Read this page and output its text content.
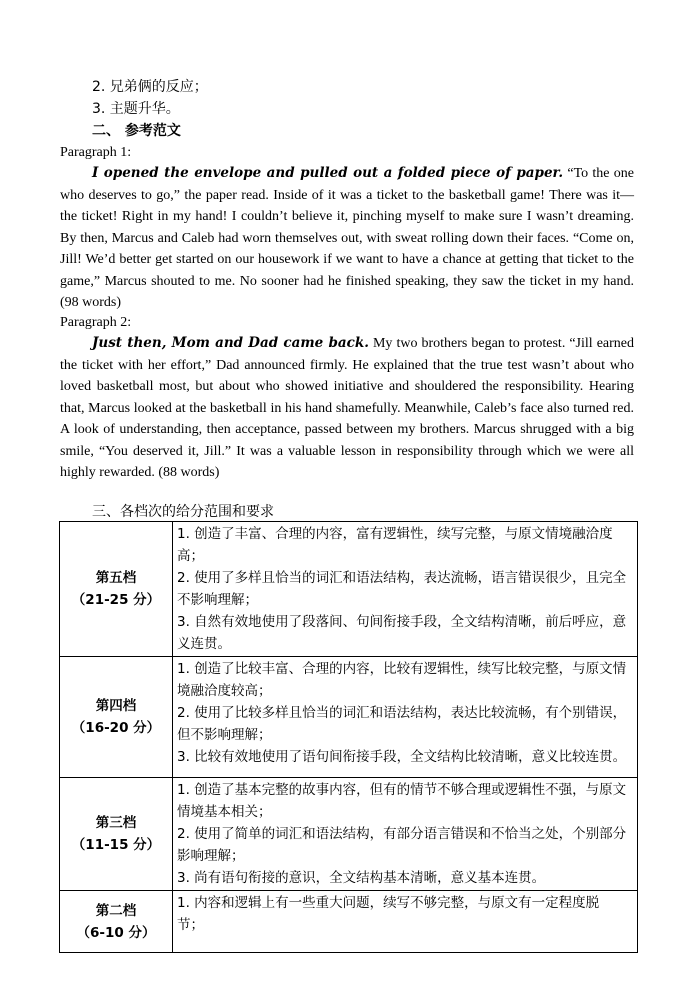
2. 兄弟俩的反应；
3. 主题升华。
二、 参考范文
Paragraph 1:
I opened the envelope and pulled out a folded piece of paper. “To the one who deserves to go,” the paper read. Inside of it was a ticket to the basketball game! There was it—the ticket! Right in my hand! I couldn’t believe it, pinching myself to make sure I wasn’t dreaming. By then, Marcus and Caleb had worn themselves out, with sweat rolling down their faces. “Come on, Jill! We’d better get started on our housework if we want to have a chance at getting that ticket to the game,” Marcus shouted to me. No sooner had he finished speaking, they saw the ticket in my hand. (98 words)
Paragraph 2:
Just then, Mom and Dad came back. My two brothers began to protest. “Jill earned the ticket with her effort,” Dad announced firmly. He explained that the true test wasn’t about who loved basketball most, but about who showed initiative and shouldered the responsibility. Hearing that, Marcus looked at the basketball in his hand shamefully. Meanwhile, Caleb’s face also turned red. A look of understanding, then acceptance, passed between my brothers. Marcus shrugged with a big smile, “You deserved it, Jill.” It was a valuable lesson in responsibility through which we were all highly rewarded. (88 words)
三、各档次的给分范围和要求
第五档
（21-25 分）	1. 创造了丰富、合理的内容，富有逻辑性，续写完整，与原文情境融洽度高；
2. 使用了多样且恰当的词汇和语法结构，表达流畅，语言错误很少，且完全不影响理解；
3. 自然有效地使用了段落间、句间衔接手段，全文结构清晰，前后呼应，意义连贯。

第四档
（16-20 分）	1. 创造了比较丰富、合理的内容，比较有逻辑性，续写比较完整，与原文情境融洽度较高；
2. 使用了比较多样且恰当的词汇和语法结构，表达比较流畅，有个别错误，但不影响理解；
3. 比较有效地使用了语句间衔接手段，全文结构比较清晰，意义比较连贯。

第三档
（11-15 分）	1. 创造了基本完整的故事内容，但有的情节不够合理或逻辑性不强，与原文情境基本相关；
2. 使用了简单的词汇和语法结构，有部分语言错误和不恰当之处，个别部分影响理解；
3. 尚有语句衔接的意识，全文结构基本清晰，意义基本连贯。

第二档
（6-10 分）	1. 内容和逻辑上有一些重大问题，续写不够完整，与原文有一定程度脱
节；
